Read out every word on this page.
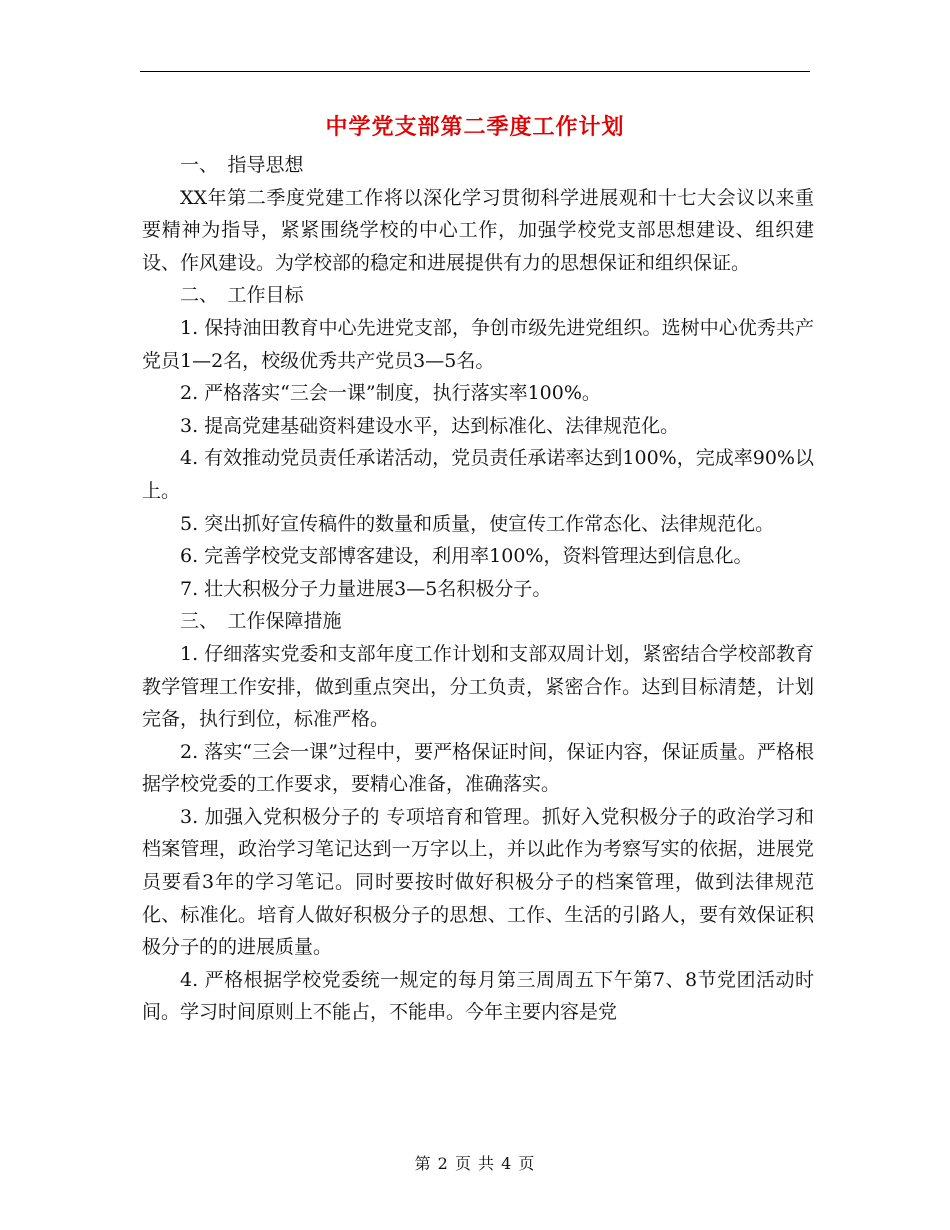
中学党支部第二季度工作计划

一、　指导思想

XX年第二季度党建工作将以深化学习贯彻科学进展观和十七大会议以来重要精神为指导，紧紧围绕学校的中心工作，加强学校党支部思想建设、组织建设、作风建设。为学校部的稳定和进展提供有力的思想保证和组织保证。

二、　工作目标

1. 保持油田教育中心先进党支部，争创市级先进党组织。选树中心优秀共产党员1—2名，校级优秀共产党员3—5名。

2. 严格落实“三会一课”制度，执行落实率100%。

3. 提高党建基础资料建设水平，达到标准化、法律规范化。

4. 有效推动党员责任承诺活动，党员责任承诺率达到100%，完成率90%以上。

5. 突出抓好宣传稿件的数量和质量，使宣传工作常态化、法律规范化。

6. 完善学校党支部博客建设，利用率100%，资料管理达到信息化。

7. 壮大积极分子力量进展3—5名积极分子。

三、　工作保障措施

1. 仔细落实党委和支部年度工作计划和支部双周计划，紧密结合学校部教育教学管理工作安排，做到重点突出，分工负责，紧密合作。达到目标清楚，计划完备，执行到位，标准严格。

2. 落实“三会一课”过程中，要严格保证时间，保证内容，保证质量。严格根据学校党委的工作要求，要精心准备，准确落实。

3. 加强入党积极分子的 专项培育和管理。抓好入党积极分子的政治学习和档案管理，政治学习笔记达到一万字以上，并以此作为考察写实的依据，进展党员要看3年的学习笔记。同时要按时做好积极分子的档案管理，做到法律规范化、标准化。培育人做好积极分子的思想、工作、生活的引路人，要有效保证积极分子的的进展质量。

4. 严格根据学校党委统一规定的每月第三周周五下午第7、8节党团活动时间。学习时间原则上不能占，不能串。今年主要内容是党

第 2 页 共 4 页
